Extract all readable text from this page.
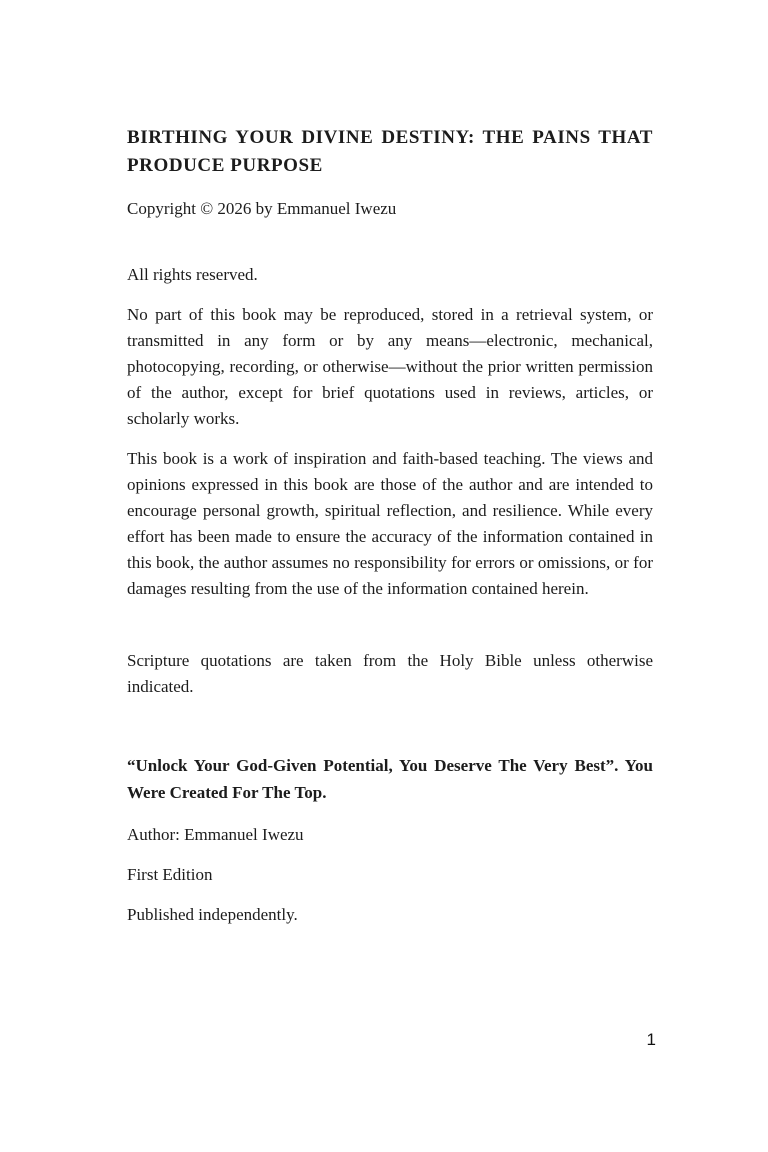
BIRTHING YOUR DIVINE DESTINY: THE PAINS THAT PRODUCE PURPOSE

Copyright © 2026 by Emmanuel Iwezu

All rights reserved.

No part of this book may be reproduced, stored in a retrieval system, or transmitted in any form or by any means—electronic, mechanical, photocopying, recording, or otherwise—without the prior written permission of the author, except for brief quotations used in reviews, articles, or scholarly works.

This book is a work of inspiration and faith-based teaching. The views and opinions expressed in this book are those of the author and are intended to encourage personal growth, spiritual reflection, and resilience. While every effort has been made to ensure the accuracy of the information contained in this book, the author assumes no responsibility for errors or omissions, or for damages resulting from the use of the information contained herein.

Scripture quotations are taken from the Holy Bible unless otherwise indicated.

“Unlock Your God-Given Potential, You Deserve The Very Best”. You Were Created For The Top.

Author: Emmanuel Iwezu

First Edition

Published independently.

1
